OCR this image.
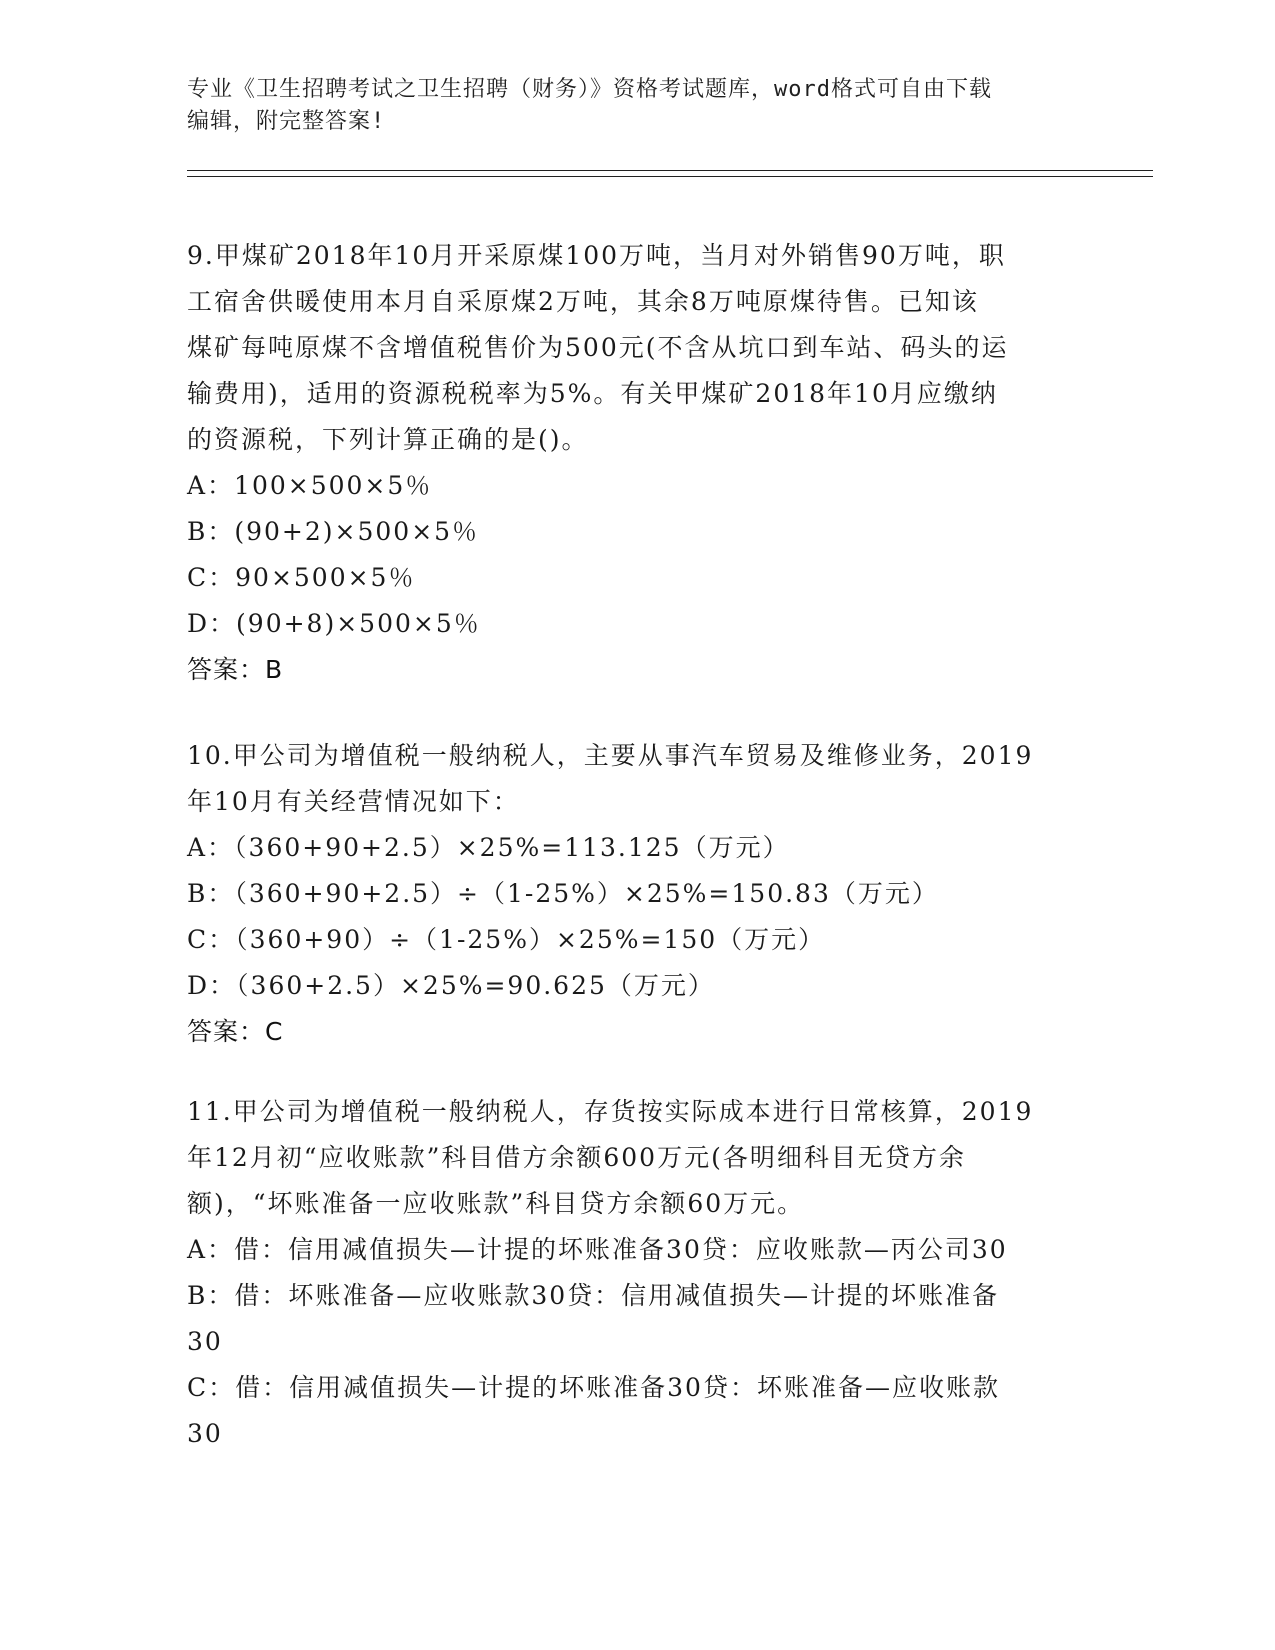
专业《卫生招聘考试之卫生招聘（财务）》资格考试题库，word格式可自由下载
编辑，附完整答案!
9.甲煤矿2018年10月开采原煤100万吨，当月对外销售90万吨，职
工宿舍供暖使用本月自采原煤2万吨，其余8万吨原煤待售。已知该
煤矿每吨原煤不含增值税售价为500元(不含从坑口到车站、码头的运
输费用)，适用的资源税税率为5%。有关甲煤矿2018年10月应缴纳
的资源税，下列计算正确的是()。
A：100×500×5％
B：(90+2)×500×5％
C：90×500×5％
D：(90+8)×500×5％
答案：B
10.甲公司为增值税一般纳税人，主要从事汽车贸易及维修业务，2019
年10月有关经营情况如下：
A：（360+90+2.5）×25%=113.125（万元）
B：（360+90+2.5）÷（1-25%）×25%=150.83（万元）
C：（360+90）÷（1-25%）×25%=150（万元）
D：（360+2.5）×25%=90.625（万元）
答案：C
11.甲公司为增值税一般纳税人，存货按实际成本进行日常核算，2019
年12月初“应收账款”科目借方余额600万元(各明细科目无贷方余
额)，“坏账准备一应收账款”科目贷方余额60万元。
A：借：信用减值损失—计提的坏账准备30贷：应收账款—丙公司30
B：借：坏账准备—应收账款30贷：信用减值损失—计提的坏账准备
30
C：借：信用减值损失—计提的坏账准备30贷：坏账准备—应收账款
30
